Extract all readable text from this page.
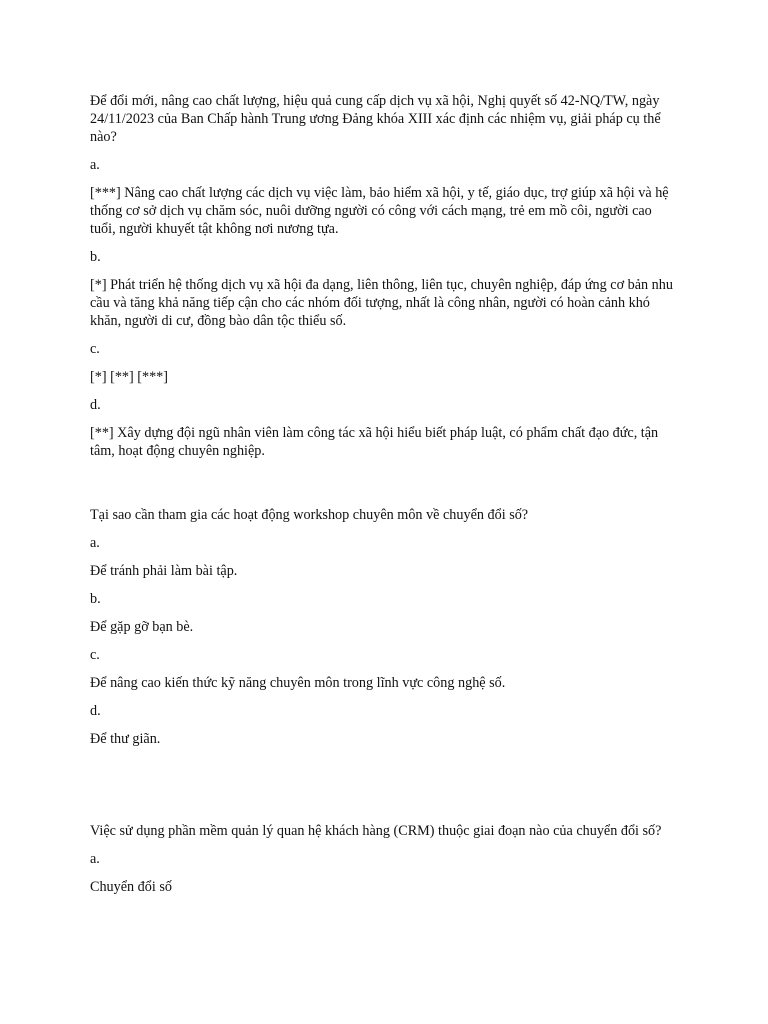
Để đổi mới, nâng cao chất lượng, hiệu quả cung cấp dịch vụ xã hội, Nghị quyết số 42-NQ/TW, ngày 24/11/2023 của Ban Chấp hành Trung ương Đảng khóa XIII xác định các nhiệm vụ, giải pháp cụ thể nào?

a.

[***] Nâng cao chất lượng các dịch vụ việc làm, bảo hiểm xã hội, y tế, giáo dục, trợ giúp xã hội và hệ thống cơ sở dịch vụ chăm sóc, nuôi dưỡng người có công với cách mạng, trẻ em mồ côi, người cao tuổi, người khuyết tật không nơi nương tựa.

b.

[*] Phát triển hệ thống dịch vụ xã hội đa dạng, liên thông, liên tục, chuyên nghiệp, đáp ứng cơ bản nhu cầu và tăng khả năng tiếp cận cho các nhóm đối tượng, nhất là công nhân, người có hoàn cảnh khó khăn, người di cư, đồng bào dân tộc thiểu số.

c.

[*] [**] [***]

d.

[**] Xây dựng đội ngũ nhân viên làm công tác xã hội hiểu biết pháp luật, có phẩm chất đạo đức, tận tâm, hoạt động chuyên nghiệp.

Tại sao cần tham gia các hoạt động workshop chuyên môn về chuyển đổi số?

a.

Để tránh phải làm bài tập.

b.

Để gặp gỡ bạn bè.

c.

Để nâng cao kiến thức kỹ năng chuyên môn trong lĩnh vực công nghệ số.

d.

Để thư giãn.

Việc sử dụng phần mềm quản lý quan hệ khách hàng (CRM) thuộc giai đoạn nào của chuyển đổi số?

a.

Chuyển đổi số
